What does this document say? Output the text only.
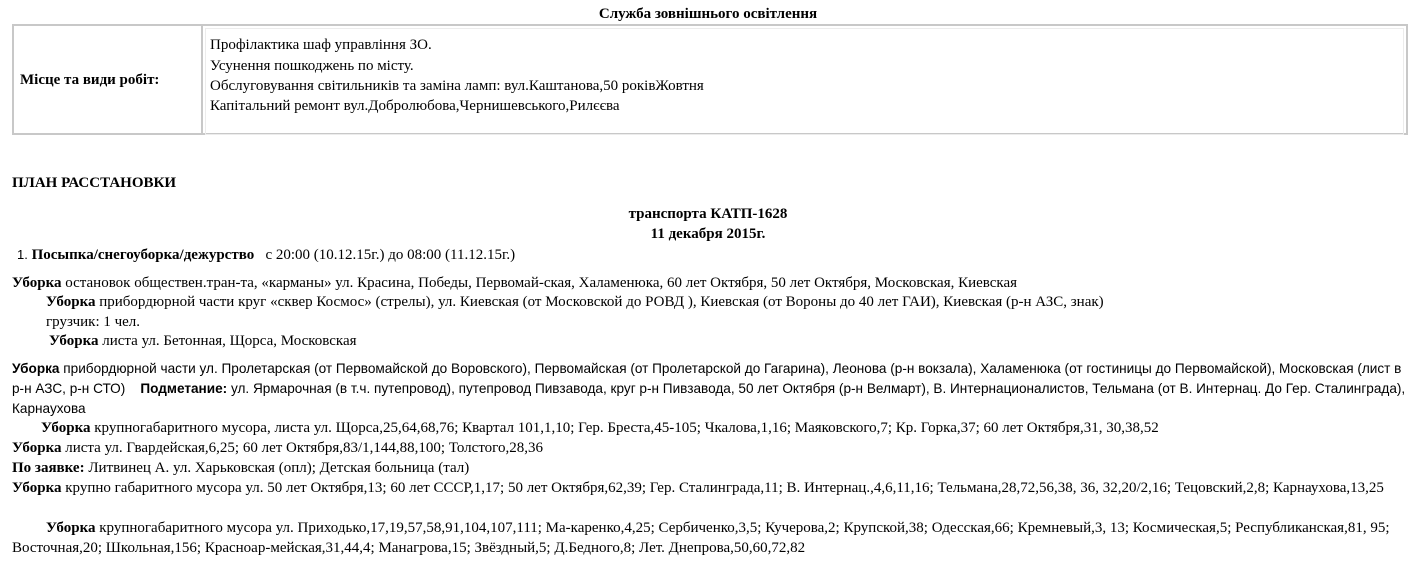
Служба зовнішнього освітлення
Місце та види робіт:
Профілактика шаф управління ЗО.
Усунення пошкоджень по місту.
Обслуговування світильників та заміна ламп: вул.Каштанова,50 роківЖовтня
Капітальний ремонт вул.Добролюбова,Чернишевського,Рилєєва
ПЛАН РАССТАНОВКИ
транспорта КАТП-1628
11 декабря 2015г.
1. Посыпка/снегоуборка/дежурство с 20:00 (10.12.15г.) до 08:00 (11.12.15г.)
Уборка остановок обществен.тран-та, «карманы» ул. Красина, Победы, Первомай-ская, Халаменюка, 60 лет Октября, 50 лет Октября, Московская, Киевская
Уборка прибордюрной части круг «сквер Космос» (стрелы), ул. Киевская (от Московской до РОВД ), Киевская (от Вороны до 40 лет ГАИ), Киевская (р-н АЗС, знак)
грузчик: 1 чел.
Уборка листа ул. Бетонная, Щорса, Московская
Уборка прибордюрной части ул. Пролетарская (от Первомайской до Воровского), Первомайская (от Пролетарской до Гагарина), Леонова (р-н вокзала), Халаменюка (от гостиницы до Первомайской), Московская (лист в р-н АЗС, р-н СТО)    Подметание: ул. Ярмарочная (в т.ч. путепровод), путепровод Пивзавода, круг р-н Пивзавода, 50 лет Октября (р-н Велмарт), В. Интернационалистов, Тельмана (от В. Интернац. До Гер. Сталинграда), Карнаухова
Уборка крупногабаритного мусора, листа ул. Щорса,25,64,68,76; Квартал 101,1,10; Гер. Бреста,45-105; Чкалова,1,16; Маяковского,7; Кр. Горка,37; 60 лет Октября,31, 30,38,52
Уборка листа ул. Гвардейская,6,25; 60 лет Октября,83/1,144,88,100; Толстого,28,36
По заявке: Литвинец А. ул. Харьковская (опл); Детская больница (тал)
Уборка крупно габаритного мусора ул. 50 лет Октября,13; 60 лет СССР,1,17; 50 лет Октября,62,39; Гер. Сталинграда,11; В. Интернац.,4,6,11,16; Тельмана,28,72,56,38, 36, 32,20/2,16; Тецовский,2,8; Карнаухова,13,25
Уборка крупногабаритного мусора ул. Приходько,17,19,57,58,91,104,107,111; Ма-каренко,4,25; Сербиченко,3,5; Кучерова,2; Крупской,38; Одесская,66; Кремневый,3, 13; Космическая,5; Республиканская,81, 95; Восточная,20; Школьная,156; Красноар-мейская,31,44,4; Манагрова,15; Звёздный,5; Д.Бедного,8; Лет. Днепрова,50,60,72,82
